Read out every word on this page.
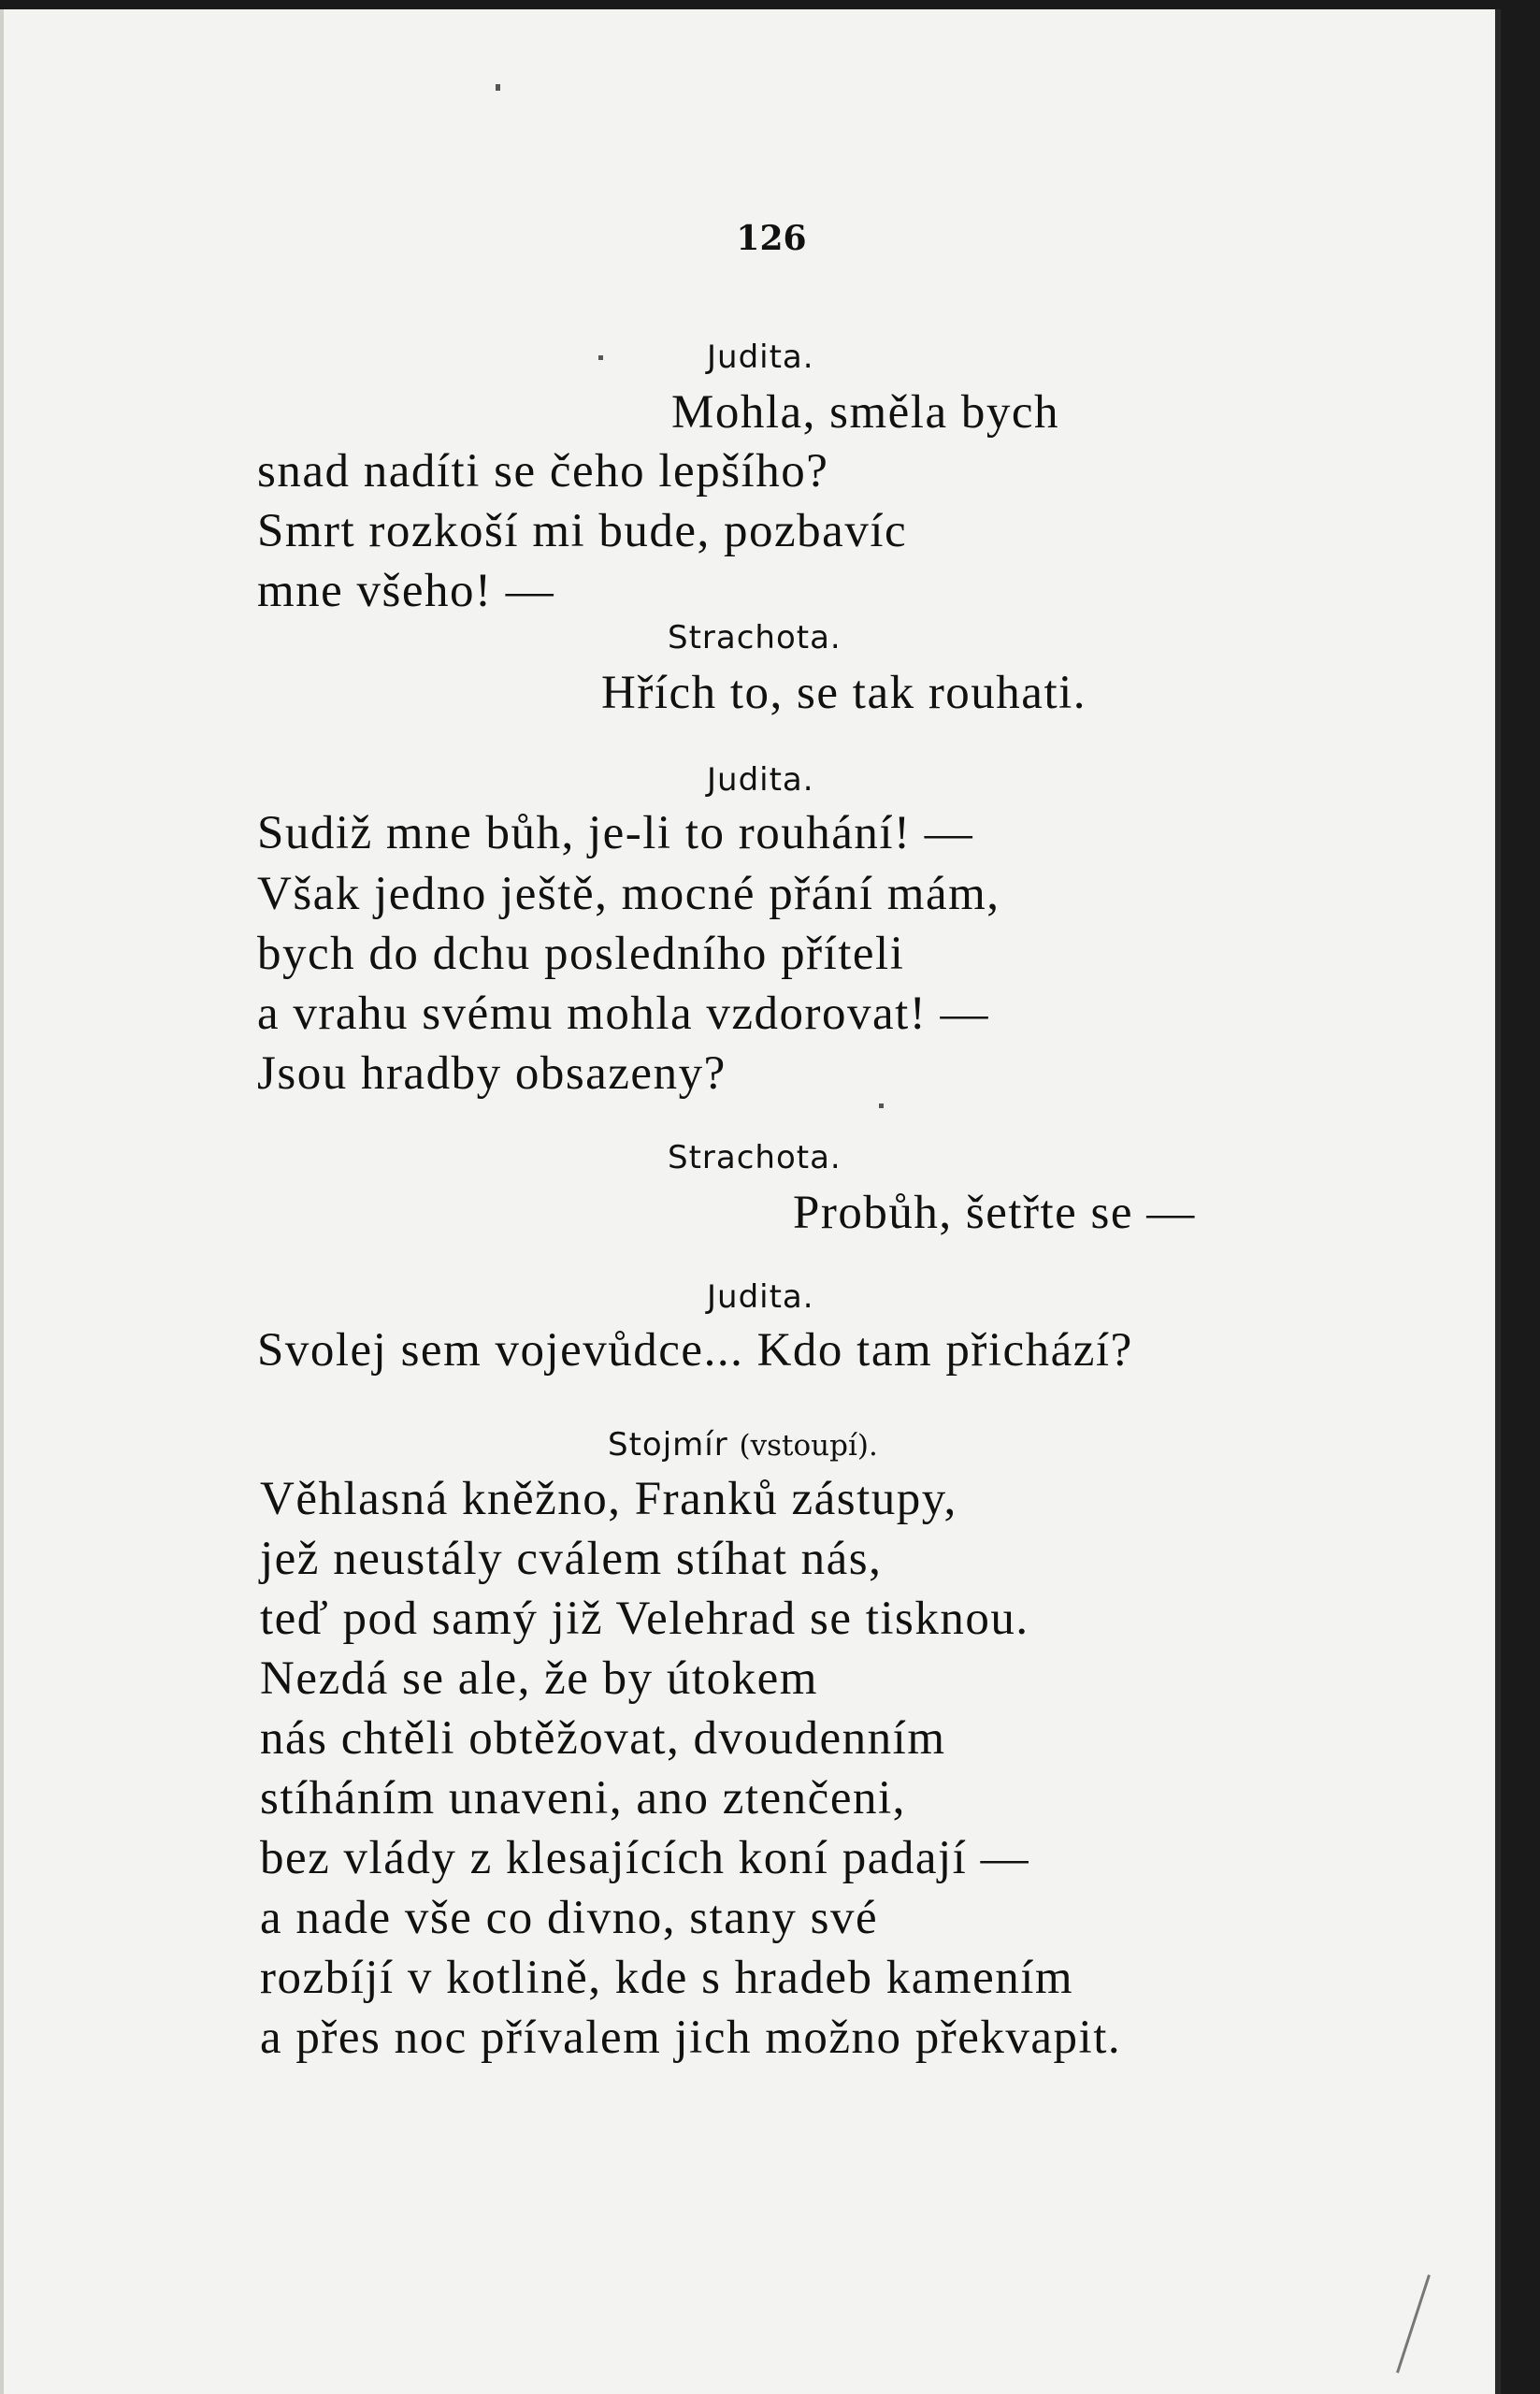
126
Judita.
Mohla, směla bych
snad nadíti se čeho lepšího?
Smrt rozkoší mi bude, pozbavíc
mne všeho! —
Strachota.
Hřích to, se tak rouhati.
Judita.
Sudiž mne bůh, je-li to rouhání! —
Však jedno ještě, mocné přání mám,
bych do dchu posledního příteli
a vrahu svému mohla vzdorovat! —
Jsou hradby obsazeny?
Strachota.
Probůh, šetřte se —
Judita.
Svolej sem vojevůdce... Kdo tam přichází?
Stojmír (vstoupí).
Věhlasná kněžno, Franků zástupy,
jež neustály cválem stíhat nás,
teď pod samý již Velehrad se tisknou.
Nezdá se ale, že by útokem
nás chtěli obtěžovat, dvoudenním
stíháním unaveni, ano ztenčeni,
bez vlády z klesajících koní padají —
a nade vše co divno, stany své
rozbíjí v kotlině, kde s hradeb kamením
a přes noc přívalem jich možno překvapit.
